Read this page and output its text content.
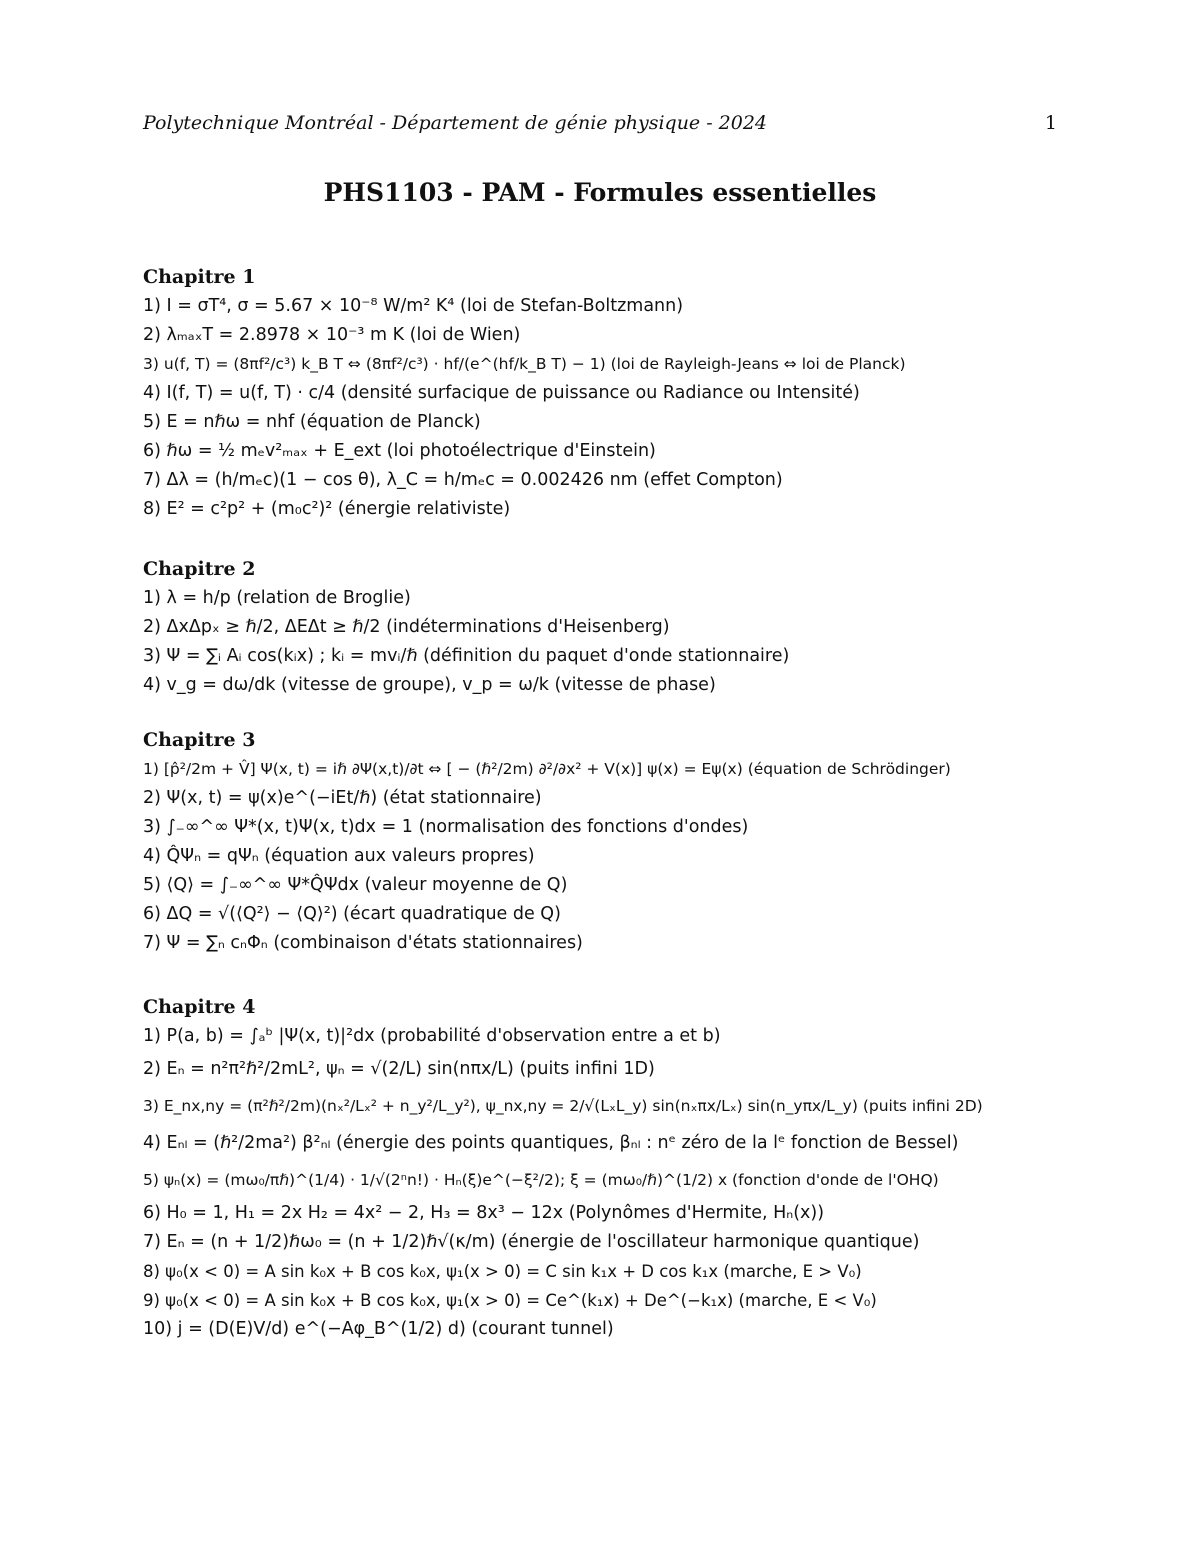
Polytechnique Montréal - Département de génie physique - 2024	1
PHS1103 - PAM - Formules essentielles
Chapitre 1
1) I = σT⁴, σ = 5.67 × 10⁻⁸ W/m² K⁴ (loi de Stefan-Boltzmann)
2) λₘₐₓT = 2.8978 × 10⁻³ m K (loi de Wien)
3) u(f, T) = (8πf²/c³) k_B T ⇔ (8πf²/c³) · hf/(e^(hf/k_B T) − 1) (loi de Rayleigh-Jeans ⇔ loi de Planck)
4) I(f, T) = u(f, T) · c/4 (densité surfacique de puissance ou Radiance ou Intensité)
5) E = nℏω = nhf (équation de Planck)
6) ℏω = ½ mₑv²ₘₐₓ + E_ext (loi photoélectrique d'Einstein)
7) Δλ = (h/mₑc)(1 − cos θ), λ_C = h/mₑc = 0.002426 nm (effet Compton)
8) E² = c²p² + (m₀c²)² (énergie relativiste)
Chapitre 2
1) λ = h/p (relation de Broglie)
2) ΔxΔpₓ ≥ ℏ/2, ΔEΔt ≥ ℏ/2 (indéterminations d'Heisenberg)
3) Ψ = ∑ᵢ Aᵢ cos(kᵢx) ; kᵢ = mvᵢ/ℏ (définition du paquet d'onde stationnaire)
4) v_g = dω/dk (vitesse de groupe), v_p = ω/k (vitesse de phase)
Chapitre 3
1) [p̂²/2m + V̂] Ψ(x, t) = iℏ ∂Ψ(x,t)/∂t ⇔ [ − (ℏ²/2m) ∂²/∂x² + V(x)] ψ(x) = Eψ(x) (équation de Schrödinger)
2) Ψ(x, t) = ψ(x)e^(−iEt/ℏ) (état stationnaire)
3) ∫₋∞^∞ Ψ*(x, t)Ψ(x, t)dx = 1 (normalisation des fonctions d'ondes)
4) Q̂Ψₙ = qΨₙ (équation aux valeurs propres)
5) ⟨Q⟩ = ∫₋∞^∞ Ψ*Q̂Ψdx (valeur moyenne de Q)
6) ΔQ = √(⟨Q²⟩ − ⟨Q⟩²) (écart quadratique de Q)
7) Ψ = ∑ₙ cₙΦₙ (combinaison d'états stationnaires)
Chapitre 4
1) P(a, b) = ∫ₐᵇ |Ψ(x, t)|²dx (probabilité d'observation entre a et b)
2) Eₙ = n²π²ℏ²/2mL², ψₙ = √(2/L) sin(nπx/L) (puits infini 1D)
3) E_nx,ny = (π²ℏ²/2m)(nₓ²/Lₓ² + n_y²/L_y²), ψ_nx,ny = 2/√(LₓL_y) sin(nₓπx/Lₓ) sin(n_yπx/L_y) (puits infini 2D)
4) Eₙₗ = (ℏ²/2ma²) β²ₙₗ (énergie des points quantiques, βₙₗ : nᵉ zéro de la lᵉ fonction de Bessel)
5) ψₙ(x) = (mω₀/πℏ)^(1/4) · 1/√(2ⁿn!) · Hₙ(ξ)e^(−ξ²/2); ξ = (mω₀/ℏ)^(1/2) x (fonction d'onde de l'OHQ)
6) H₀ = 1, H₁ = 2x H₂ = 4x² − 2, H₃ = 8x³ − 12x (Polynômes d'Hermite, Hₙ(x))
7) Eₙ = (n + 1/2)ℏω₀ = (n + 1/2)ℏ√(κ/m) (énergie de l'oscillateur harmonique quantique)
8) ψ₀(x < 0) = A sin k₀x + B cos k₀x, ψ₁(x > 0) = C sin k₁x + D cos k₁x (marche, E > V₀)
9) ψ₀(x < 0) = A sin k₀x + B cos k₀x, ψ₁(x > 0) = Ce^(k₁x) + De^(−k₁x) (marche, E < V₀)
10) j = (D(E)V/d) e^(−Aφ_B^(1/2) d) (courant tunnel)
